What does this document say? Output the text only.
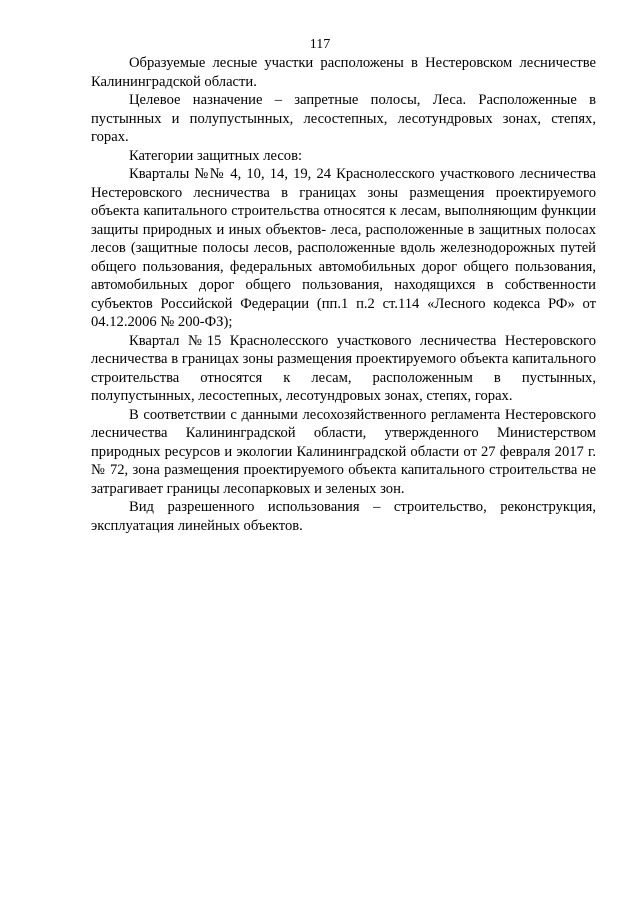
117

Образуемые лесные участки расположены в Нестеровском лесничестве Калининградской области.

Целевое назначение – запретные полосы, Леса. Расположенные в пустынных и полупустынных, лесостепных, лесотундровых зонах, степях, горах.

Категории защитных лесов:

Кварталы №№ 4, 10, 14, 19, 24 Краснолесского участкового лесничества Нестеровского лесничества в границах зоны размещения проектируемого объекта капитального строительства относятся к лесам, выполняющим функции защиты природных и иных объектов- леса, расположенные в защитных полосах лесов (защитные полосы лесов, расположенные вдоль железнодорожных путей общего пользования, федеральных автомобильных дорог общего пользования, автомобильных дорог общего пользования, находящихся в собственности субъектов Российской Федерации (пп.1 п.2 ст.114 «Лесного кодекса РФ» от 04.12.2006 № 200-ФЗ);

Квартал №15 Краснолесского участкового лесничества Нестеровского лесничества в границах зоны размещения проектируемого объекта капитального строительства относятся к лесам, расположенным в пустынных, полупустынных, лесостепных, лесотундровых зонах, степях, горах.

В соответствии с данными лесохозяйственного регламента Нестеровского лесничества Калининградской области, утвержденного Министерством природных ресурсов и экологии Калининградской области от 27 февраля 2017 г. № 72, зона размещения проектируемого объекта капитального строительства не затрагивает границы лесопарковых и зеленых зон.

Вид разрешенного использования – строительство, реконструкция, эксплуатация линейных объектов.
